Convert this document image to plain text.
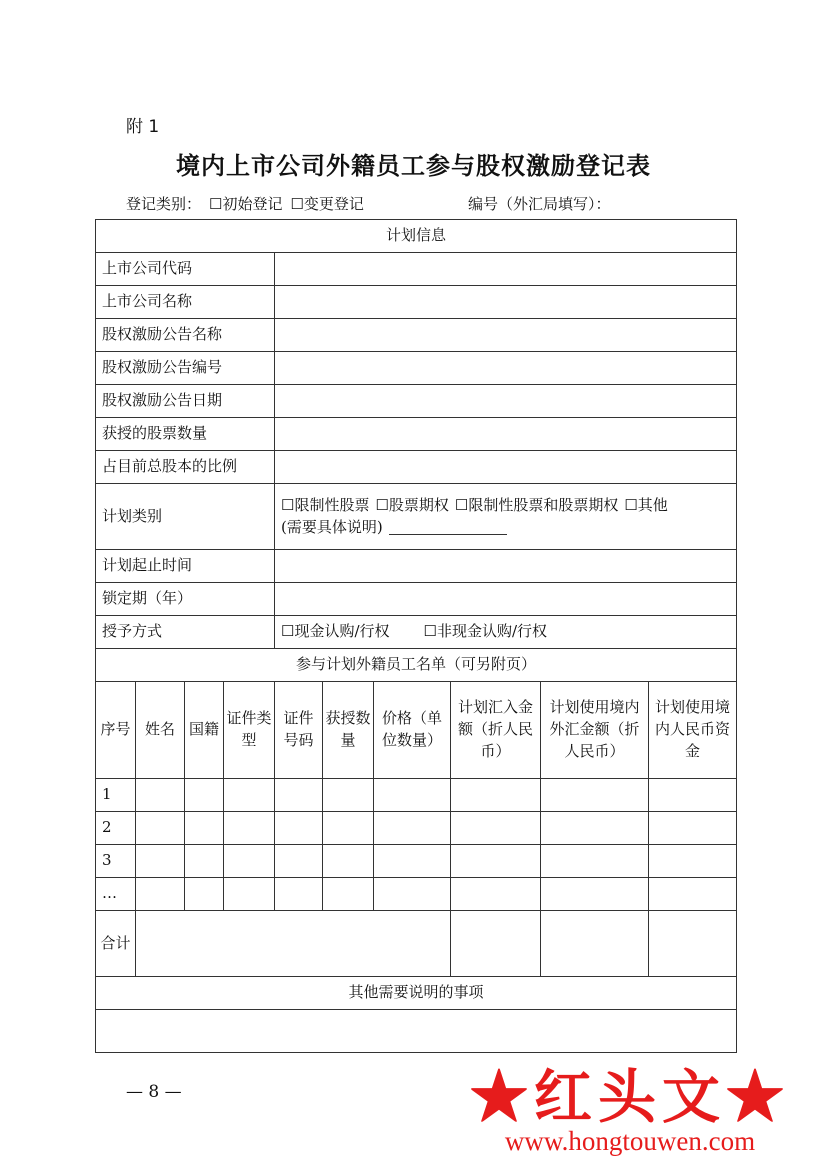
附 1
境内上市公司外籍员工参与股权激励登记表
登记类别： ☐初始登记 ☐变更登记	编号（外汇局填写）：
计划信息									
上市公司代码									
上市公司名称									
股权激励公告名称									
股权激励公告编号									
股权激励公告日期									
获授的股票数量									
占目前总股本的比例									
计划类别				☐限制性股票 ☐股票期权 ☐限制性股票和股票期权 ☐其他
(需要具体说明)					
计划起止时间									
锁定期（年）									
授予方式				☐现金认购/行权 ☐非现金认购/行权					
参与计划外籍员工名单（可另附页）									
序号	姓名	国籍	证件类型	证件号码	获授数量	价格（单位数量）	计划汇入金额（折人民币）	计划使用境内外汇金额（折人民币）	计划使用境内人民币资金
1									
2									
3									
…									
合计									
其他需要说明的事项									

— 8 —	★红头文★
www.hongtouwen.com
